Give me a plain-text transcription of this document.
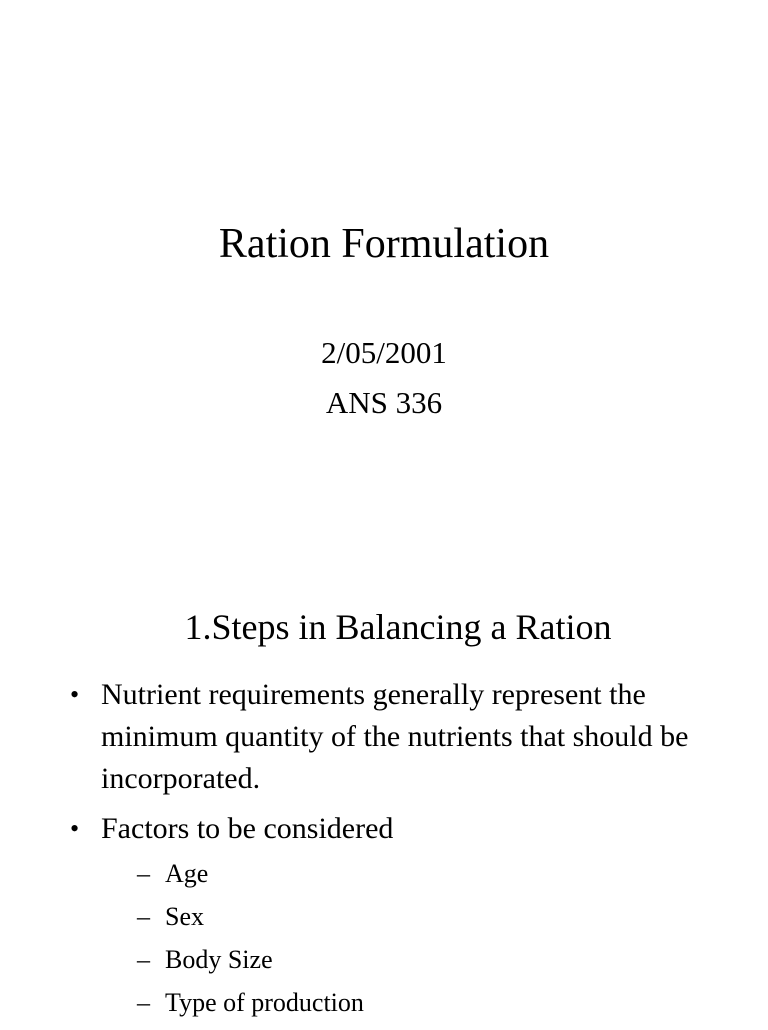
Ration Formulation
2/05/2001
ANS 336
1.Steps in Balancing a Ration
• Nutrient requirements generally represent the minimum quantity of the nutrients that should be incorporated.
• Factors to be considered
– Age
– Sex
– Body Size
– Type of production
